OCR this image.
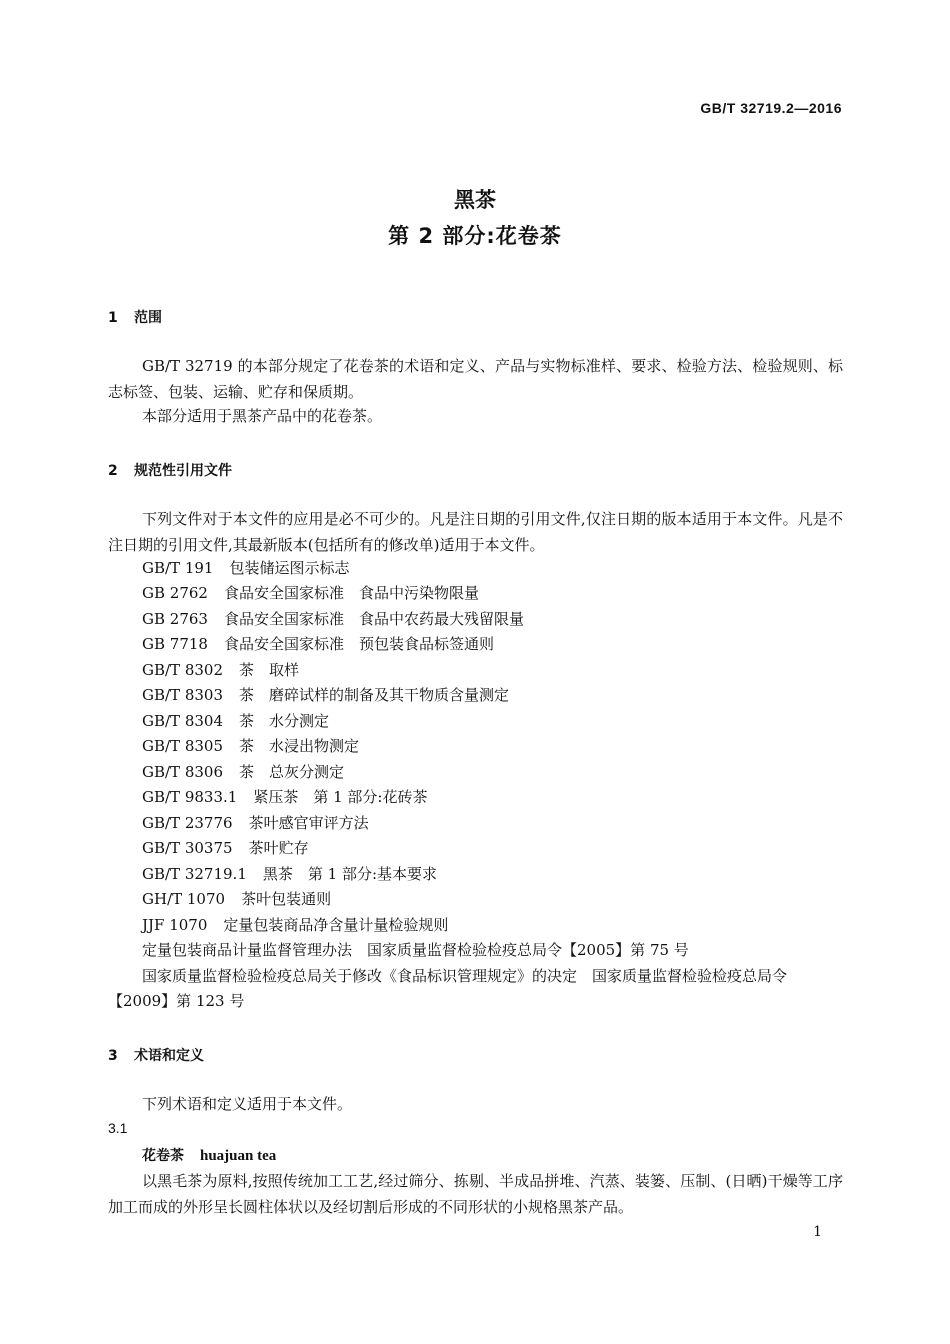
GB/T 32719.2—2016
黑茶
第 2 部分:花卷茶
1 范围
GB/T 32719 的本部分规定了花卷茶的术语和定义、产品与实物标准样、要求、检验方法、检验规则、标志标签、包装、运输、贮存和保质期。
本部分适用于黑茶产品中的花卷茶。
2 规范性引用文件
下列文件对于本文件的应用是必不可少的。凡是注日期的引用文件,仅注日期的版本适用于本文件。凡是不注日期的引用文件,其最新版本(包括所有的修改单)适用于本文件。
GB/T 191 包装储运图示标志
GB 2762 食品安全国家标准　食品中污染物限量
GB 2763 食品安全国家标准　食品中农药最大残留限量
GB 7718 食品安全国家标准　预包装食品标签通则
GB/T 8302 茶　取样
GB/T 8303 茶　磨碎试样的制备及其干物质含量测定
GB/T 8304 茶　水分测定
GB/T 8305 茶　水浸出物测定
GB/T 8306 茶　总灰分测定
GB/T 9833.1 紧压茶　第 1 部分:花砖茶
GB/T 23776 茶叶感官审评方法
GB/T 30375 茶叶贮存
GB/T 32719.1 黑茶　第 1 部分:基本要求
GH/T 1070 茶叶包装通则
JJF 1070 定量包装商品净含量计量检验规则
定量包装商品计量监督管理办法　国家质量监督检验检疫总局令【2005】第 75 号
国家质量监督检验检疫总局关于修改《食品标识管理规定》的决定　国家质量监督检验检疫总局令
【2009】第 123 号
3 术语和定义
下列术语和定义适用于本文件。
3.1
花卷茶 huajuan tea
以黑毛茶为原料,按照传统加工工艺,经过筛分、拣剔、半成品拼堆、汽蒸、装篓、压制、(日晒)干燥等工序加工而成的外形呈长圆柱体状以及经切割后形成的不同形状的小规格黑茶产品。
1
